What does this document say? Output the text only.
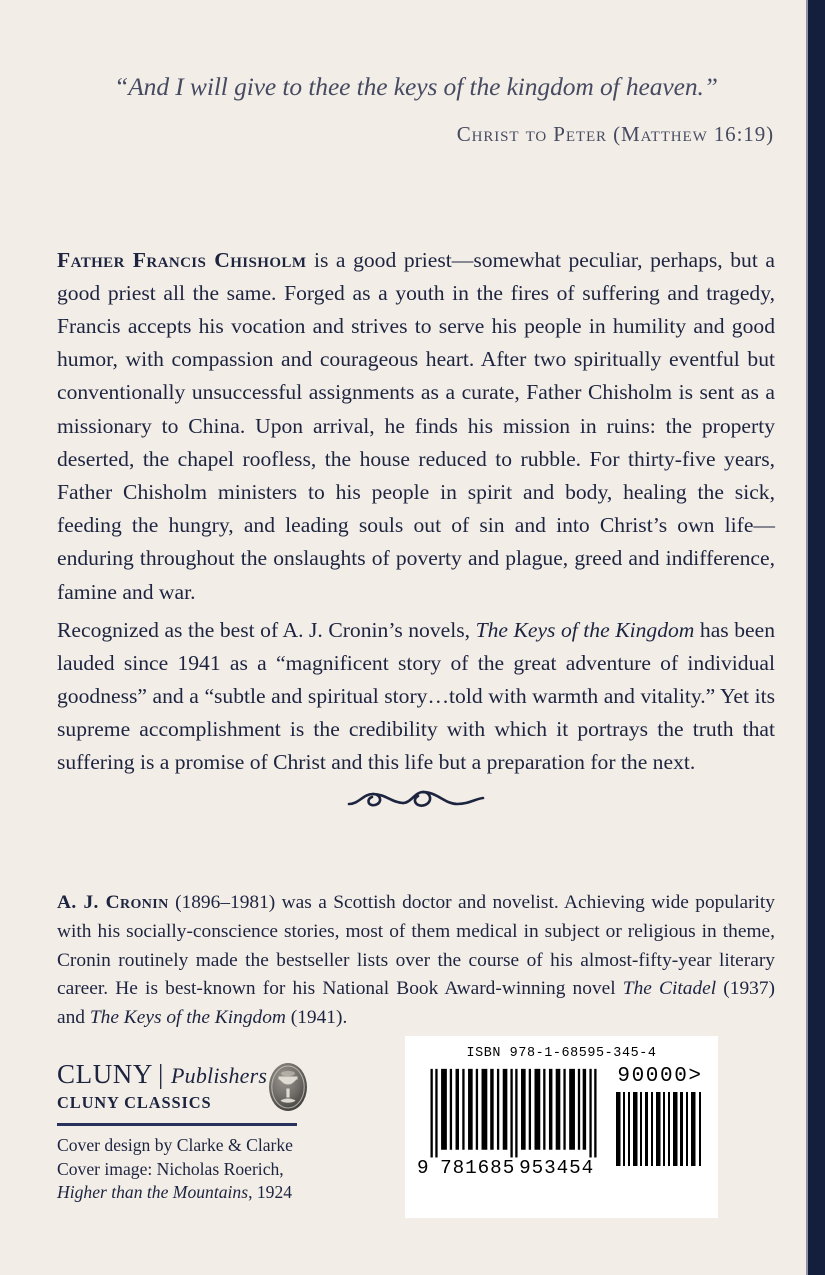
“And I will give to thee the keys of the kingdom of heaven.”
Christ to Peter (Matthew 16:19)

Father Francis Chisholm is a good priest—somewhat peculiar, perhaps, but a good priest all the same. Forged as a youth in the fires of suffering and tragedy, Francis accepts his vocation and strives to serve his people in humility and good humor, with compassion and courageous heart. After two spiritually eventful but conventionally unsuccessful assignments as a curate, Father Chisholm is sent as a missionary to China. Upon arrival, he finds his mission in ruins: the property deserted, the chapel roofless, the house reduced to rubble. For thirty-five years, Father Chisholm ministers to his people in spirit and body, healing the sick, feeding the hungry, and leading souls out of sin and into Christ’s own life—enduring throughout the onslaughts of poverty and plague, greed and indifference, famine and war.

Recognized as the best of A. J. Cronin’s novels, The Keys of the Kingdom has been lauded since 1941 as a “magnificent story of the great adventure of individual goodness” and a “subtle and spiritual story…told with warmth and vitality.” Yet its supreme accomplishment is the credibility with which it portrays the truth that suffering is a promise of Christ and this life but a preparation for the next.

A. J. Cronin (1896–1981) was a Scottish doctor and novelist. Achieving wide popularity with his socially-conscience stories, most of them medical in subject or religious in theme, Cronin routinely made the bestseller lists over the course of his almost-fifty-year literary career. He is best-known for his National Book Award-winning novel The Citadel (1937) and The Keys of the Kingdom (1941).

CLUNY | Publishers
CLUNY CLASSICS
Cover design by Clarke & Clarke
Cover image: Nicholas Roerich,
Higher than the Mountains, 1924
ISBN 978-1-68595-345-4
9 781685 953454
90000>
